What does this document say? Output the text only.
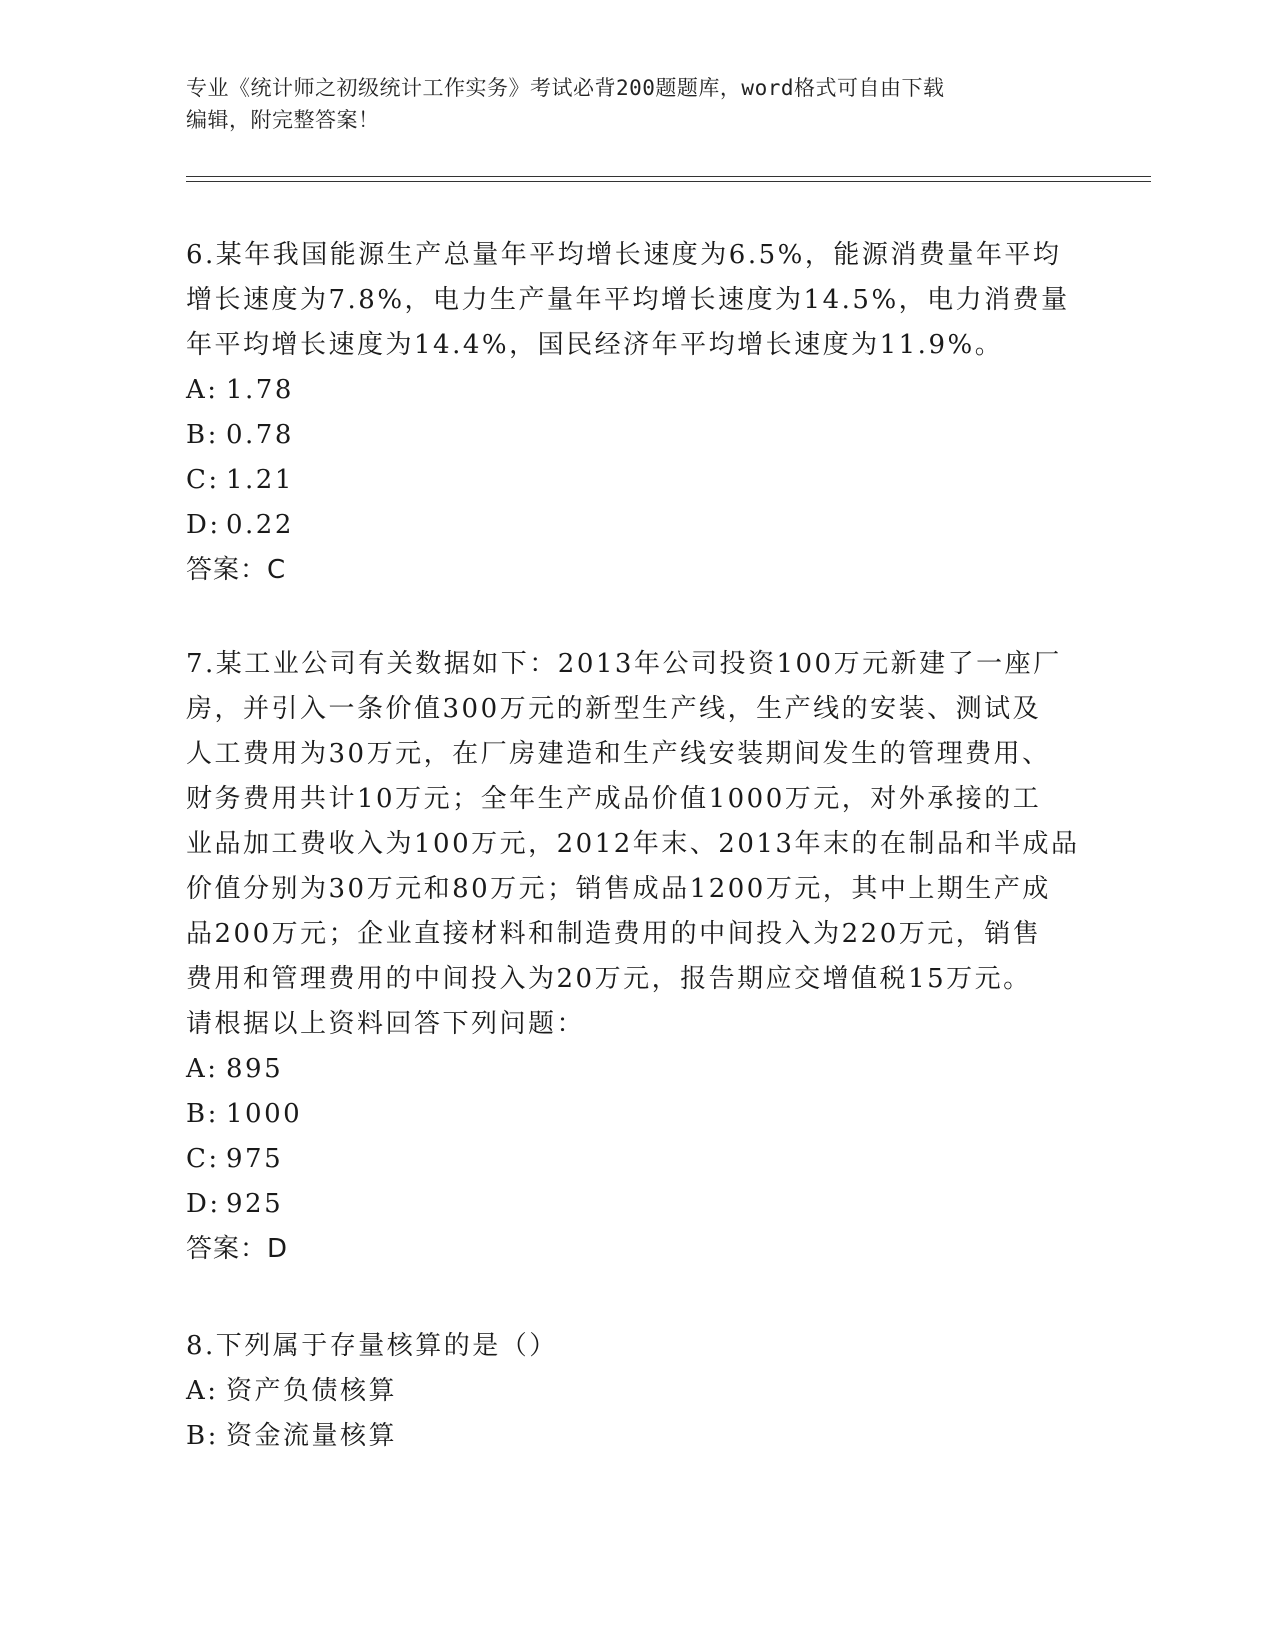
专业《统计师之初级统计工作实务》考试必背200题题库，word格式可自由下载
编辑，附完整答案！
6.某年我国能源生产总量年平均增长速度为6.5%，能源消费量年平均
增长速度为7.8%，电力生产量年平均增长速度为14.5%，电力消费量
年平均增长速度为14.4%，国民经济年平均增长速度为11.9%。
A: 1.78
B: 0.78
C: 1.21
D: 0.22
答案：C
7.某工业公司有关数据如下：2013年公司投资100万元新建了一座厂
房，并引入一条价值300万元的新型生产线，生产线的安装、测试及
人工费用为30万元，在厂房建造和生产线安装期间发生的管理费用、
财务费用共计10万元；全年生产成品价值1000万元，对外承接的工
业品加工费收入为100万元，2012年末、2013年末的在制品和半成品
价值分别为30万元和80万元；销售成品1200万元，其中上期生产成
品200万元；企业直接材料和制造费用的中间投入为220万元，销售
费用和管理费用的中间投入为20万元，报告期应交增值税15万元。
请根据以上资料回答下列问题：
A: 895
B: 1000
C: 975
D: 925
答案：D
8.下列属于存量核算的是（）
A: 资产负债核算
B: 资金流量核算
